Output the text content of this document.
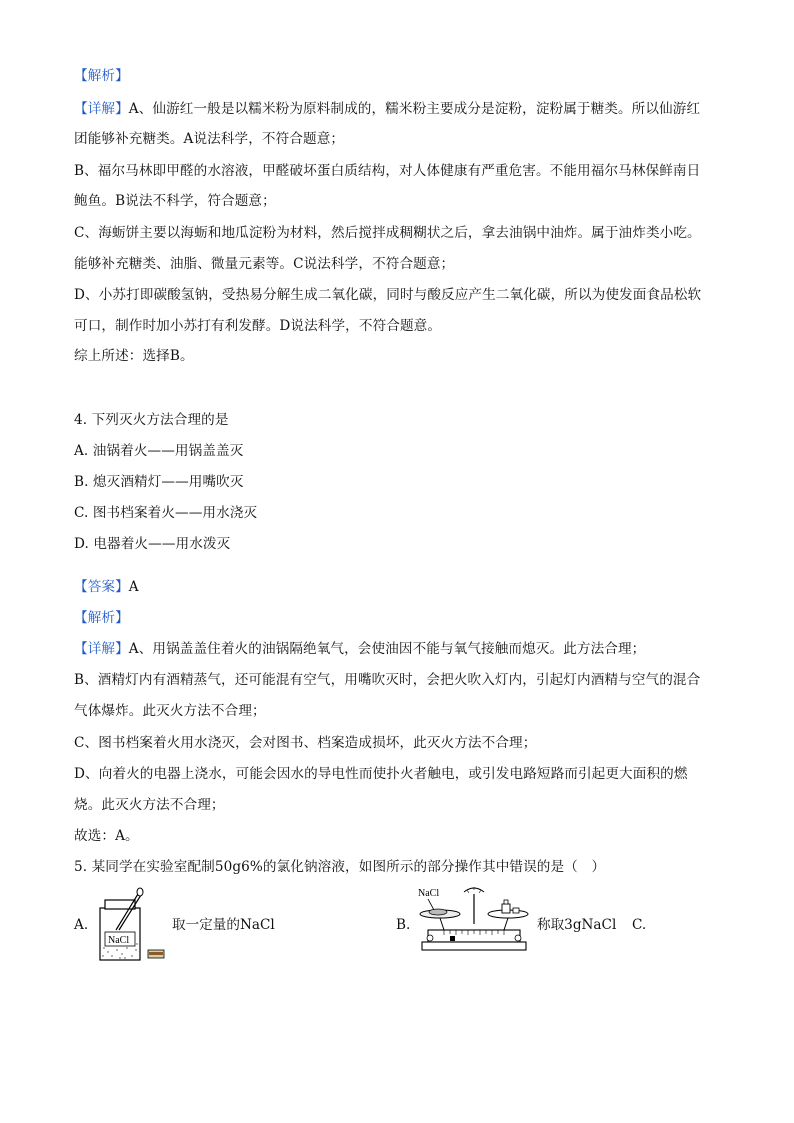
【解析】
【详解】A、仙游红一般是以糯米粉为原料制成的，糯米粉主要成分是淀粉，淀粉属于糖类。所以仙游红
团能够补充糖类。A说法科学，不符合题意；
B、福尔马林即甲醛的水溶液，甲醛破坏蛋白质结构，对人体健康有严重危害。不能用福尔马林保鲜南日
鲍鱼。B说法不科学，符合题意；
C、海蛎饼主要以海蛎和地瓜淀粉为材料，然后搅拌成稠糊状之后，拿去油锅中油炸。属于油炸类小吃。
能够补充糖类、油脂、微量元素等。C说法科学，不符合题意；
D、小苏打即碳酸氢钠，受热易分解生成二氧化碳，同时与酸反应产生二氧化碳，所以为使发面食品松软
可口，制作时加小苏打有利发酵。D说法科学，不符合题意。
综上所述：选择B。
4. 下列灭火方法合理的是
A. 油锅着火——用锅盖盖灭
B. 熄灭酒精灯——用嘴吹灭
C. 图书档案着火——用水浇灭
D. 电器着火——用水泼灭
【答案】A
【解析】
【详解】A、用锅盖盖住着火的油锅隔绝氧气，会使油因不能与氧气接触而熄灭。此方法合理；
B、酒精灯内有酒精蒸气，还可能混有空气，用嘴吹灭时，会把火吹入灯内，引起灯内酒精与空气的混合
气体爆炸。此灭火方法不合理；
C、图书档案着火用水浇灭，会对图书、档案造成损坏，此灭火方法不合理；
D、向着火的电器上浇水，可能会因水的导电性而使扑火者触电，或引发电路短路而引起更大面积的燃
烧。此灭火方法不合理；
故选：A。
5. 某同学在实验室配制50g6%的氯化钠溶液，如图所示的部分操作其中错误的是（　）
A.
NaCl
取一定量的NaCl	B.
NaCl
称取3gNaCl C.
